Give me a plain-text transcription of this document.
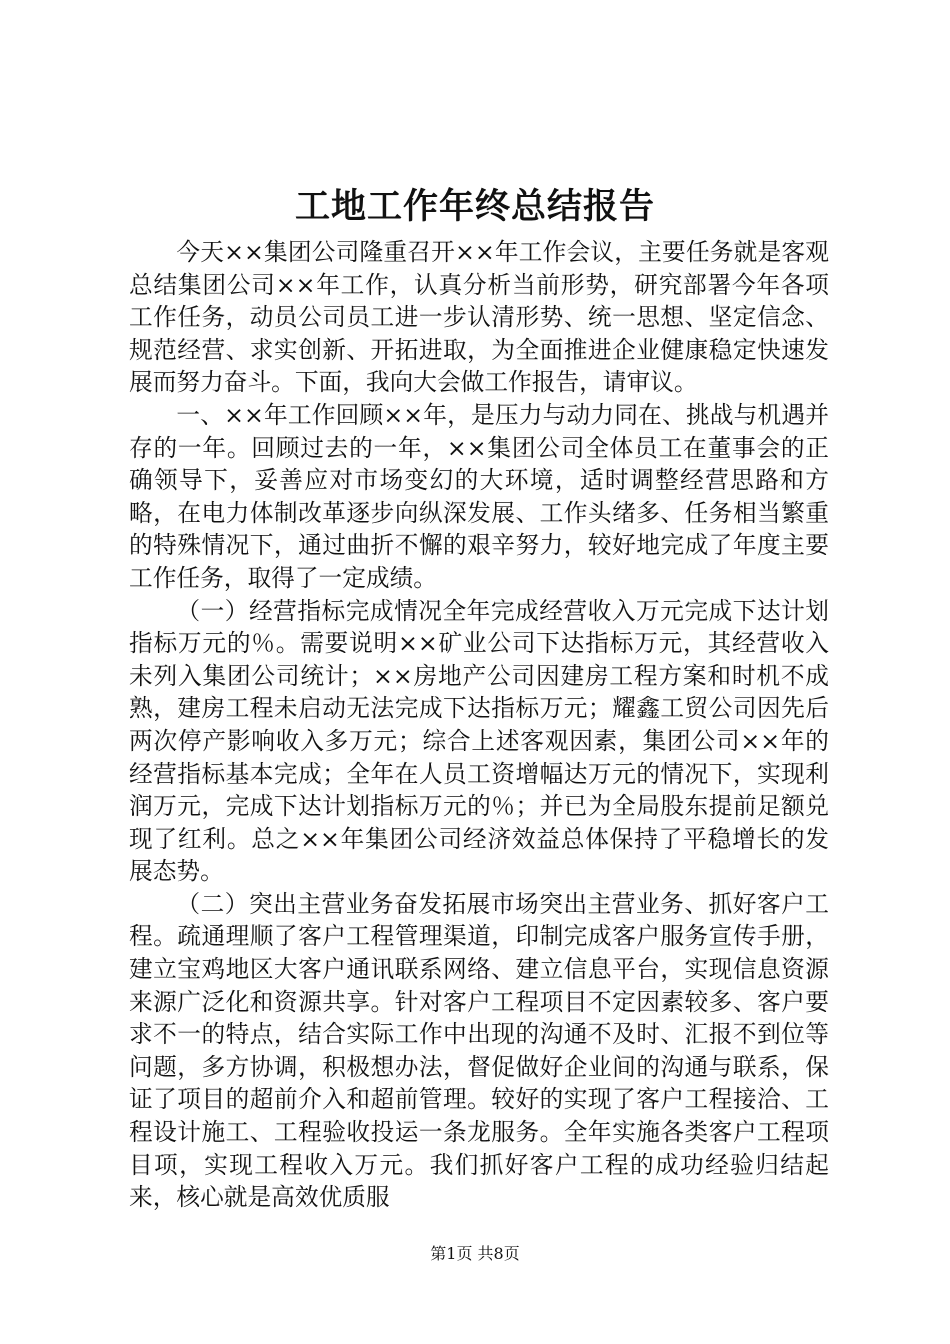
工地工作年终总结报告

今天××集团公司隆重召开××年工作会议，主要任务就是客观总结集团公司××年工作，认真分析当前形势，研究部署今年各项工作任务，动员公司员工进一步认清形势、统一思想、坚定信念、规范经营、求实创新、开拓进取，为全面推进企业健康稳定快速发展而努力奋斗。下面，我向大会做工作报告，请审议。

一、××年工作回顾××年，是压力与动力同在、挑战与机遇并存的一年。回顾过去的一年，××集团公司全体员工在董事会的正确领导下，妥善应对市场变幻的大环境，适时调整经营思路和方略，在电力体制改革逐步向纵深发展、工作头绪多、任务相当繁重的特殊情况下，通过曲折不懈的艰辛努力，较好地完成了年度主要工作任务，取得了一定成绩。

（一）经营指标完成情况全年完成经营收入万元完成下达计划指标万元的％。需要说明××矿业公司下达指标万元，其经营收入未列入集团公司统计；××房地产公司因建房工程方案和时机不成熟，建房工程未启动无法完成下达指标万元；耀鑫工贸公司因先后两次停产影响收入多万元；综合上述客观因素，集团公司××年的经营指标基本完成；全年在人员工资增幅达万元的情况下，实现利润万元，完成下达计划指标万元的％；并已为全局股东提前足额兑现了红利。总之××年集团公司经济效益总体保持了平稳增长的发展态势。

（二）突出主营业务奋发拓展市场突出主营业务、抓好客户工程。疏通理顺了客户工程管理渠道，印制完成客户服务宣传手册，建立宝鸡地区大客户通讯联系网络、建立信息平台，实现信息资源来源广泛化和资源共享。针对客户工程项目不定因素较多、客户要求不一的特点，结合实际工作中出现的沟通不及时、汇报不到位等问题，多方协调，积极想办法，督促做好企业间的沟通与联系，保证了项目的超前介入和超前管理。较好的实现了客户工程接洽、工程设计施工、工程验收投运一条龙服务。全年实施各类客户工程项目项，实现工程收入万元。我们抓好客户工程的成功经验归结起来，核心就是高效优质服

第1页 共8页
